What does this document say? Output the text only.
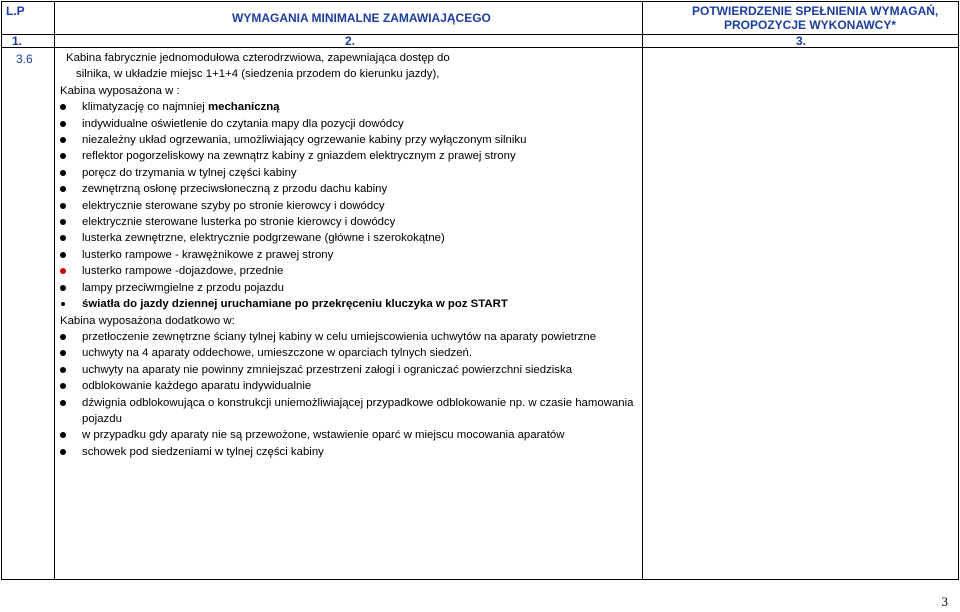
L.P	WYMAGANIA MINIMALNE ZAMAWIAJĄCEGO	POTWIERDZENIE SPEŁNIENIA WYMAGAŃ,
PROPOZYCJE WYKONAWCY*
1.	2.	3.
3.6	Kabina fabrycznie jednomodułowa czterodrzwiowa, zapewniająca dostęp do
silnika, w układzie miejsc 1+1+4 (siedzenia przodem do kierunku jazdy),
Kabina wyposażona w :
klimatyzację co najmniej mechaniczną
indywidualne oświetlenie do czytania mapy dla pozycji dowódcy
niezależny układ ogrzewania, umożliwiający ogrzewanie kabiny przy wyłączonym silniku
reflektor pogorzeliskowy na zewnątrz kabiny z gniazdem elektrycznym z prawej strony
poręcz do trzymania w tylnej części kabiny
zewnętrzną osłonę przeciwsłoneczną z przodu dachu kabiny
elektrycznie sterowane szyby po stronie kierowcy i dowódcy
elektrycznie sterowane lusterka po stronie kierowcy i dowódcy
lusterka zewnętrzne, elektrycznie podgrzewane (główne i szerokokątne)
lusterko rampowe - krawężnikowe z prawej strony
lusterko rampowe -dojazdowe, przednie
lampy przeciwmgielne z przodu pojazdu
światła do jazdy dziennej uruchamiane po przekręceniu kluczyka w poz START
Kabina wyposażona dodatkowo w:
przetłoczenie zewnętrzne ściany tylnej kabiny w celu umiejscowienia uchwytów na aparaty powietrzne
uchwyty na 4 aparaty oddechowe, umieszczone w oparciach tylnych siedzeń.
uchwyty na aparaty nie powinny zmniejszać przestrzeni załogi i ograniczać powierzchni siedziska
odblokowanie każdego aparatu indywidualnie
dźwignia odblokowująca o konstrukcji uniemożliwiającej przypadkowe odblokowanie np. w czasie hamowania
pojazdu
w przypadku gdy aparaty nie są przewożone, wstawienie oparć w miejscu mocowania aparatów
schowek pod siedzeniami w tylnej części kabiny
3
